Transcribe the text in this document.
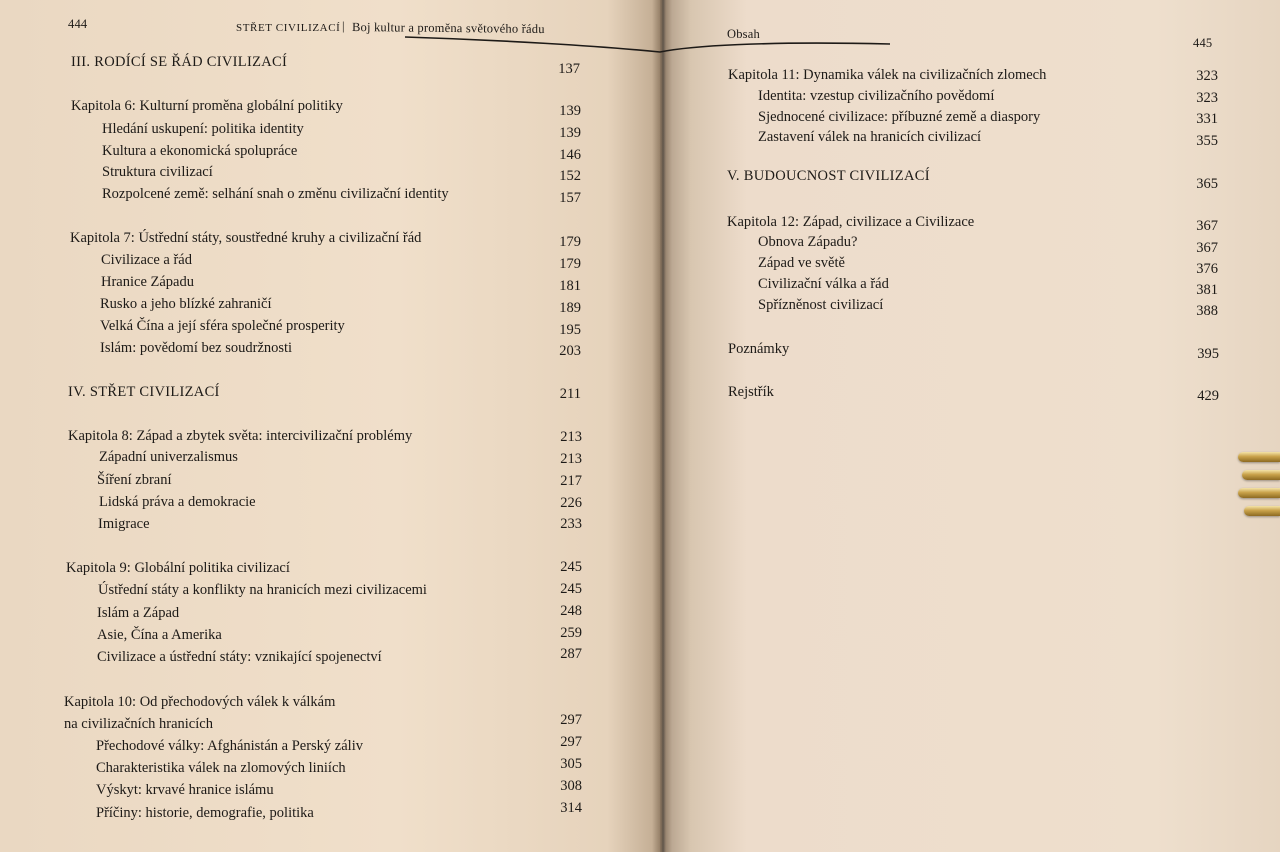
444	STŘET CIVILIZACÍ | Boj kultur a proměna světového řádu
III. RODÍCÍ SE ŘÁD CIVILIZACÍ	137
Kapitola 6: Kulturní proměna globální politiky	139
Hledání uskupení: politika identity	139
Kultura a ekonomická spolupráce	146
Struktura civilizací	152
Rozpolcené země: selhání snah o změnu civilizační identity	157
Kapitola 7: Ústřední státy, soustředné kruhy a civilizační řád	179
Civilizace a řád	179
Hranice Západu	181
Rusko a jeho blízké zahraničí	189
Velká Čína a její sféra společné prosperity	195
Islám: povědomí bez soudržnosti	203
IV. STŘET CIVILIZACÍ	211
Kapitola 8: Západ a zbytek světa: intercivilizační problémy	213
Západní univerzalismus	213
Šíření zbraní	217
Lidská práva a demokracie	226
Imigrace	233
Kapitola 9: Globální politika civilizací	245
Ústřední státy a konflikty na hranicích mezi civilizacemi	245
Islám a Západ	248
Asie, Čína a Amerika	259
Civilizace a ústřední státy: vznikající spojenectví	287
Kapitola 10: Od přechodových válek k válkám
na civilizačních hranicích	297
Přechodové války: Afghánistán a Perský záliv	297
Charakteristika válek na zlomových liniích	305
Výskyt: krvavé hranice islámu	308
Příčiny: historie, demografie, politika	314
Obsah
445
Kapitola 11: Dynamika válek na civilizačních zlomech	323
Identita: vzestup civilizačního povědomí	323
Sjednocené civilizace: příbuzné země a diaspory	331
Zastavení válek na hranicích civilizací	355
V. BUDOUCNOST CIVILIZACÍ	365
Kapitola 12: Západ, civilizace a Civilizace	367
Obnova Západu?	367
Západ ve světě	376
Civilizační válka a řád	381
Spřízněnost civilizací	388
Poznámky	395
Rejstřík	429
